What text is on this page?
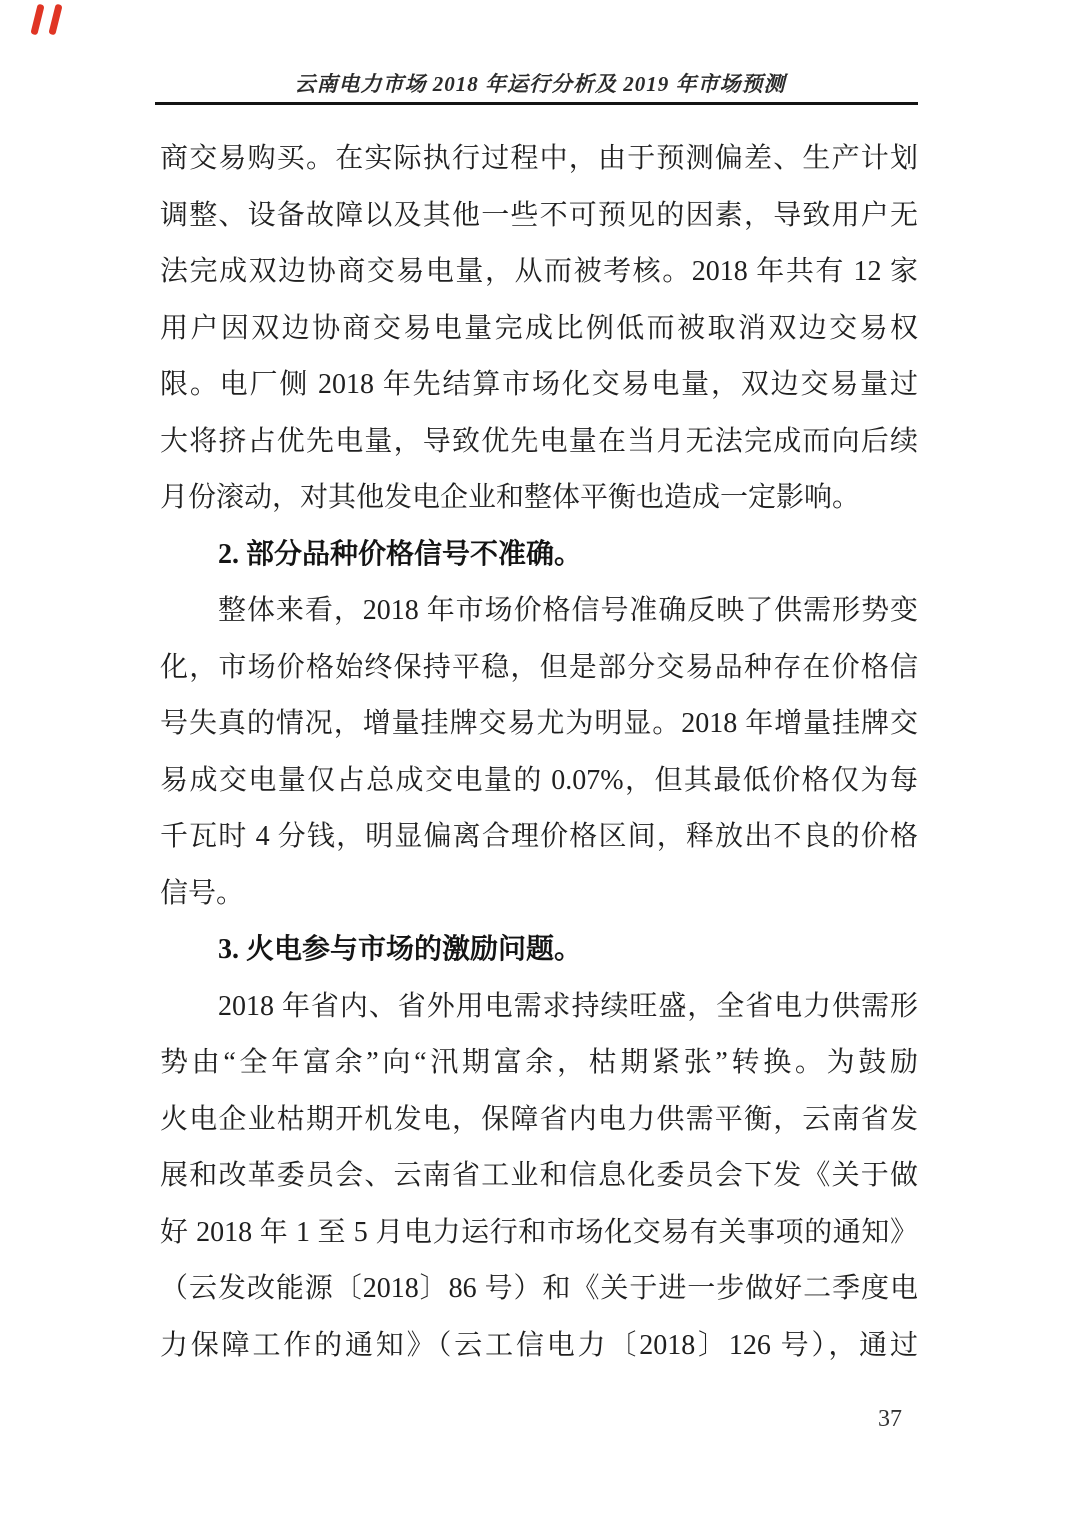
云南电力市场 2018 年运行分析及 2019 年市场预测
商交易购买。在实际执行过程中，由于预测偏差、生产计划
调整、设备故障以及其他一些不可预见的因素，导致用户无
法完成双边协商交易电量，从而被考核。2018 年共有 12 家
用户因双边协商交易电量完成比例低而被取消双边交易权
限。电厂侧 2018 年先结算市场化交易电量，双边交易量过
大将挤占优先电量，导致优先电量在当月无法完成而向后续
月份滚动，对其他发电企业和整体平衡也造成一定影响。
2. 部分品种价格信号不准确。
整体来看，2018 年市场价格信号准确反映了供需形势变
化，市场价格始终保持平稳，但是部分交易品种存在价格信
号失真的情况，增量挂牌交易尤为明显。2018 年增量挂牌交
易成交电量仅占总成交电量的 0.07%，但其最低价格仅为每
千瓦时 4 分钱，明显偏离合理价格区间，释放出不良的价格
信号。
3. 火电参与市场的激励问题。
2018 年省内、省外用电需求持续旺盛，全省电力供需形
势由“全年富余”向“汛期富余，枯期紧张”转换。为鼓励
火电企业枯期开机发电，保障省内电力供需平衡，云南省发
展和改革委员会、云南省工业和信息化委员会下发《关于做
好 2018 年 1 至 5 月电力运行和市场化交易有关事项的通知》
（云发改能源〔2018〕86 号）和《关于进一步做好二季度电
力保障工作的通知》（云工信电力〔2018〕126 号），通过
37
